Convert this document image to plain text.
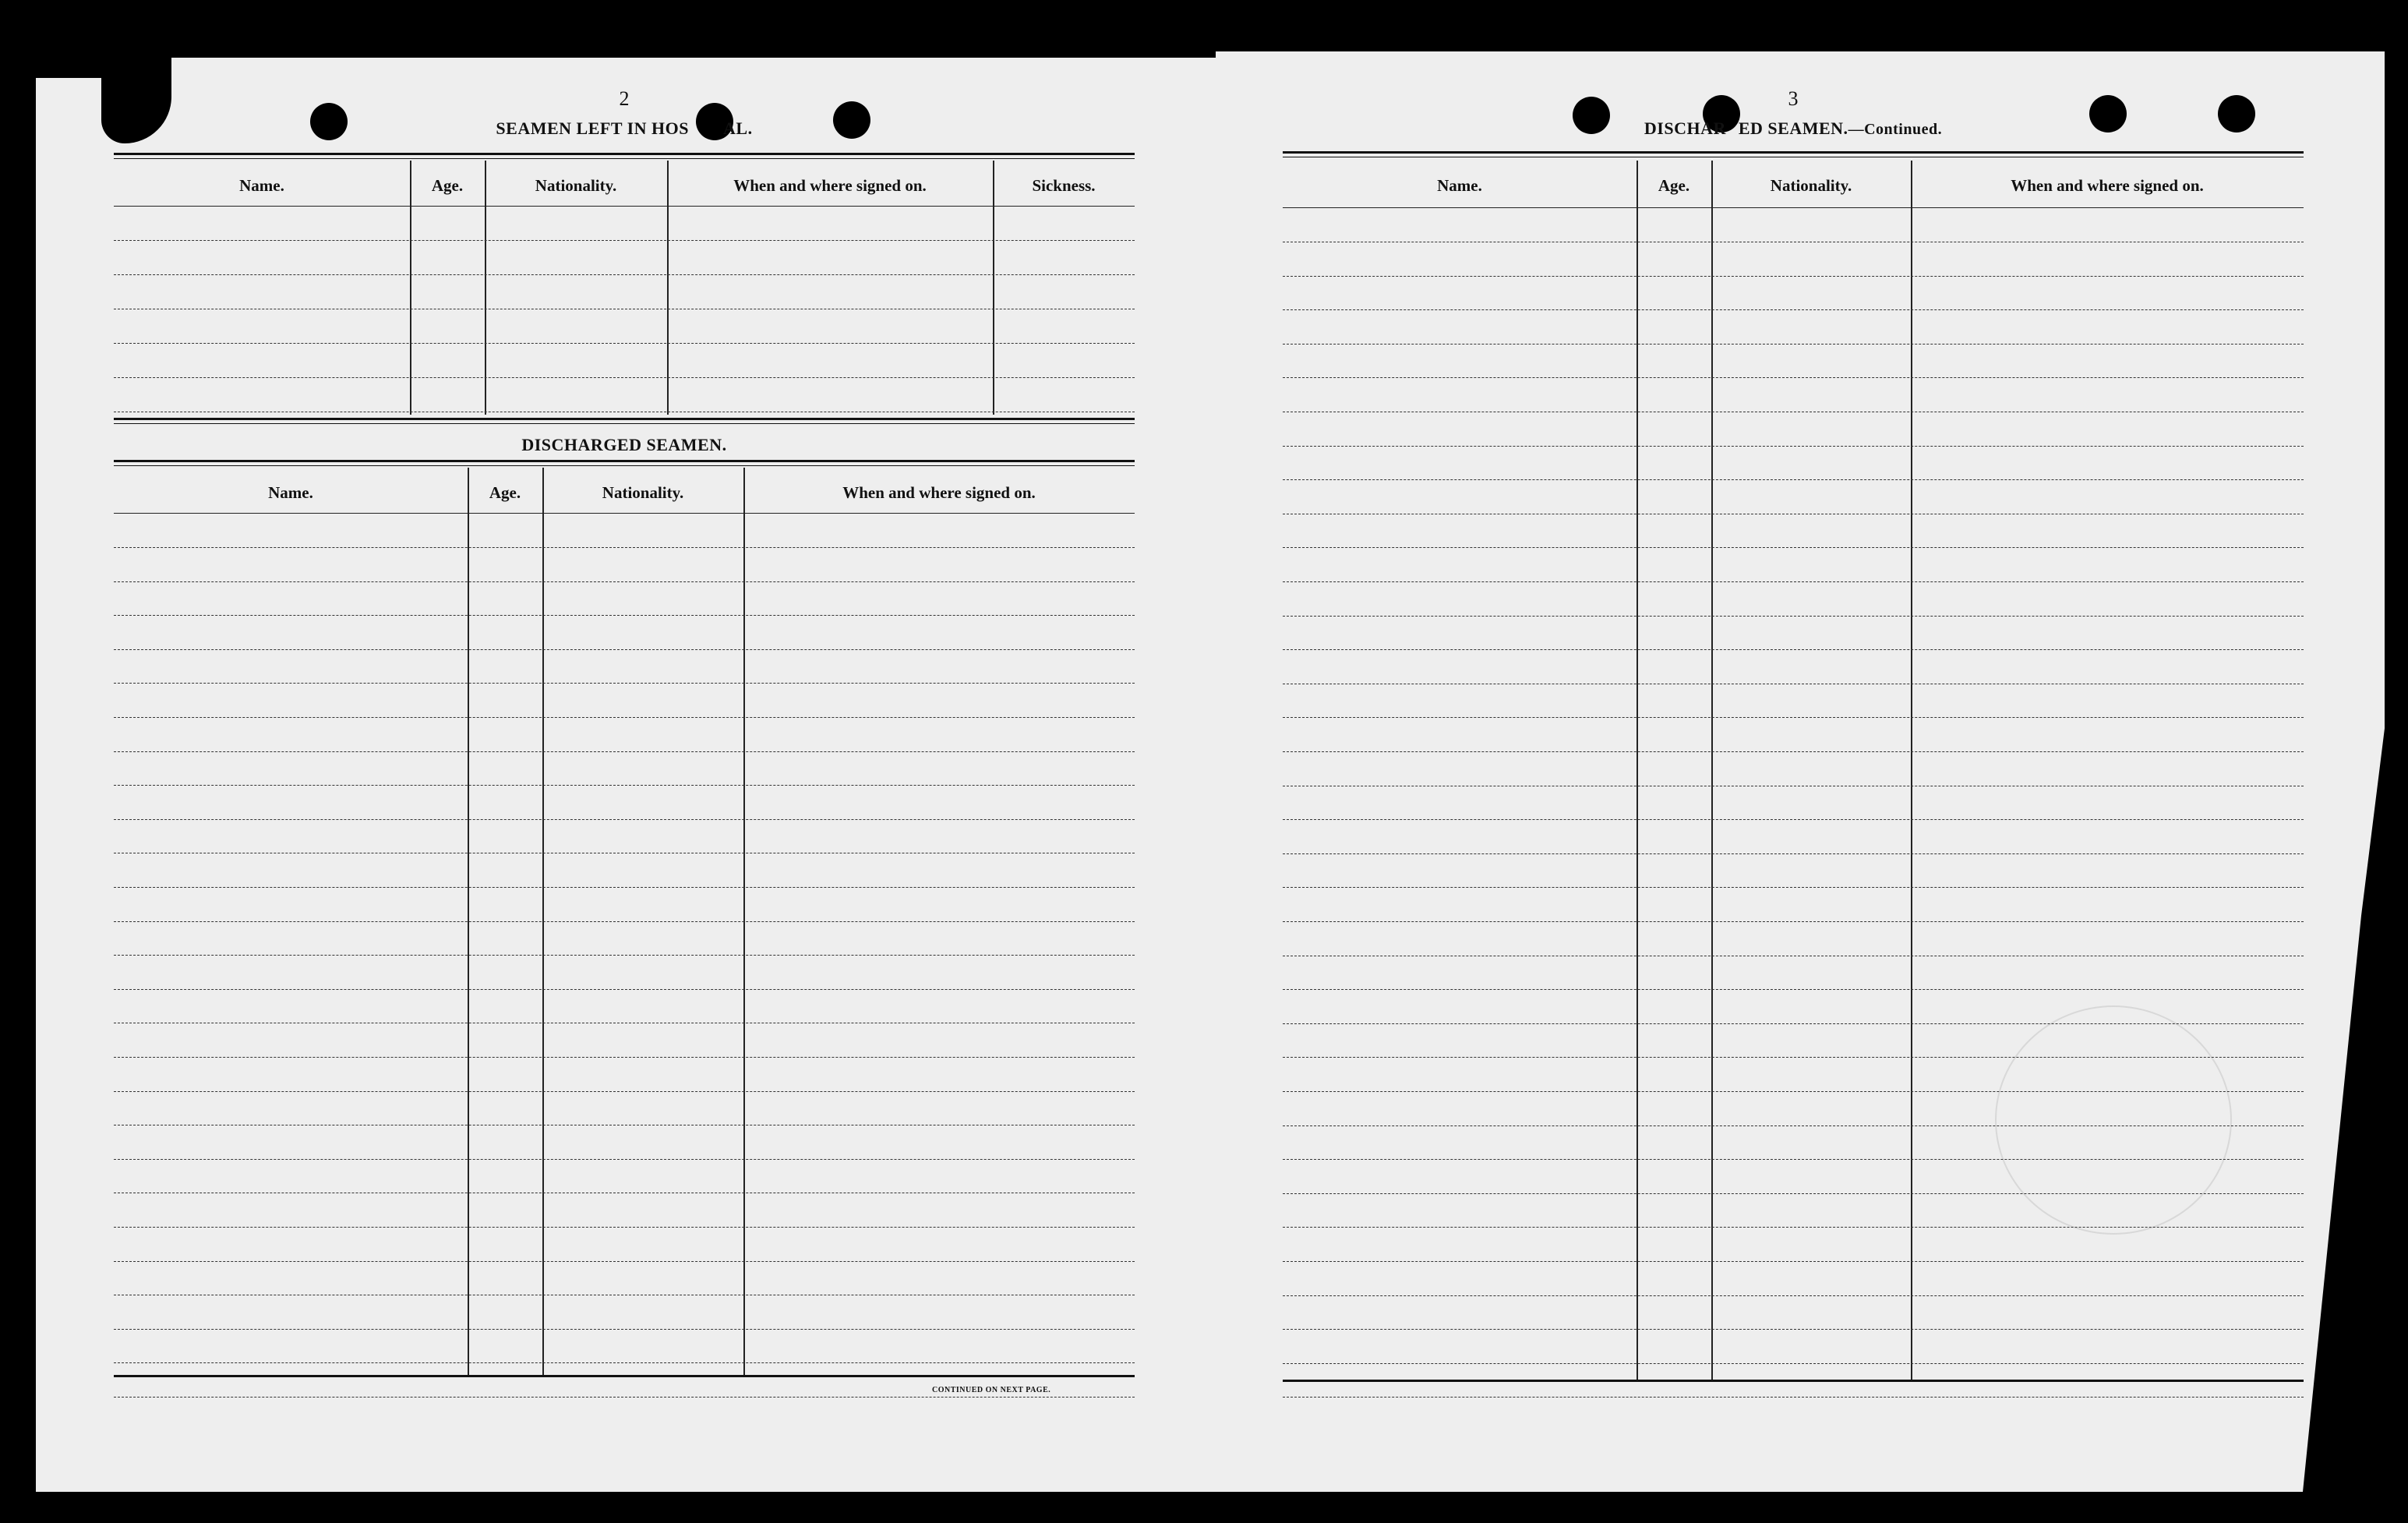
2
SEAMEN LEFT IN HOS AL.
Name.	Age.	Nationality.	When and where signed on.	Sickness.
DISCHARGED SEAMEN.
Name.	Age.	Nationality.	When and where signed on.
CONTINUED ON NEXT PAGE.
3
DISCHAR ED SEAMEN.—Continued.
Name.	Age.	Nationality.	When and where signed on.
